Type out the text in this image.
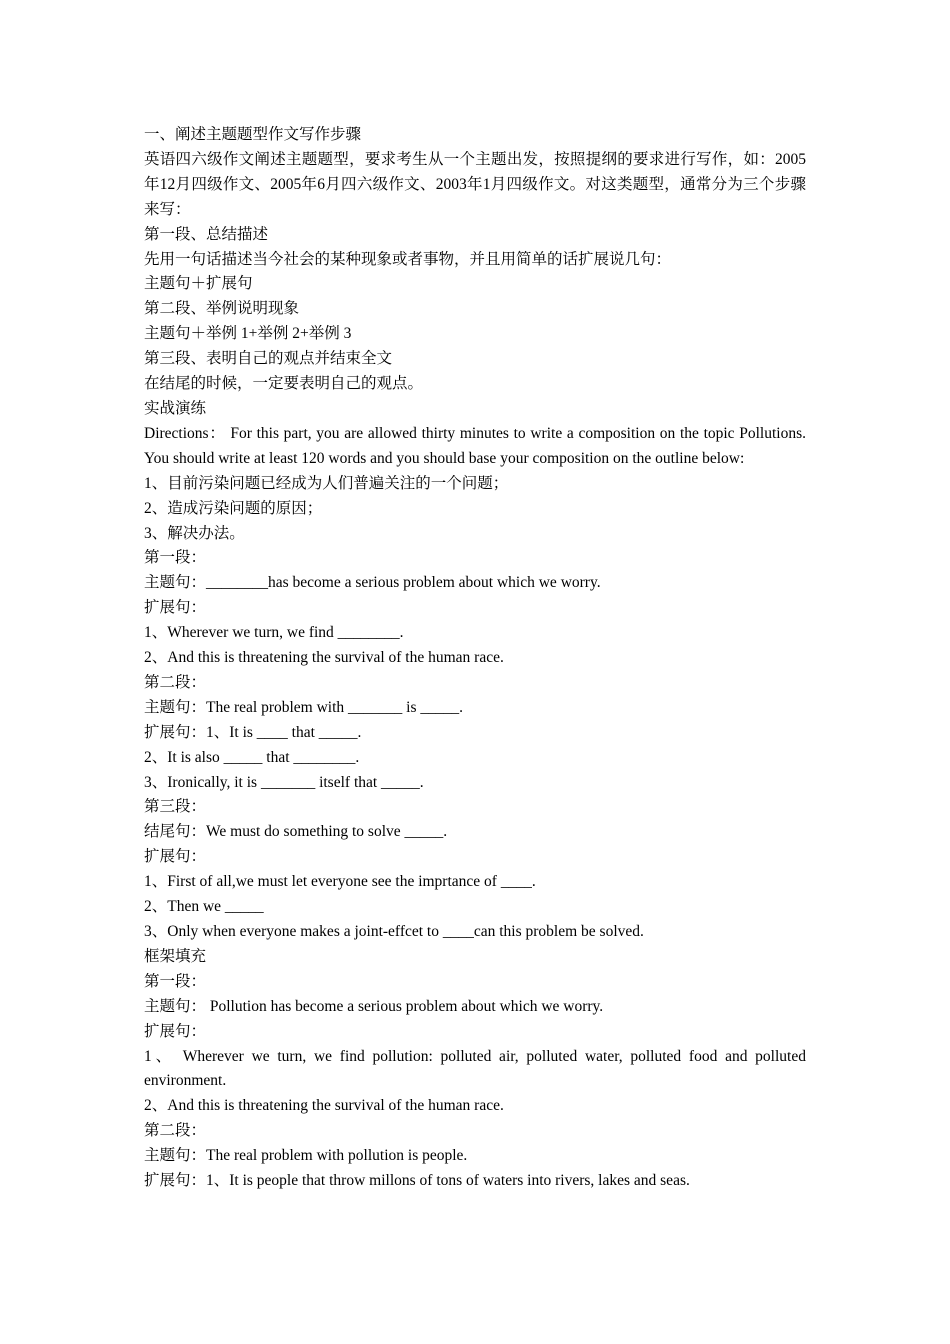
一、阐述主题题型作文写作步骤

英语四六级作文阐述主题题型，要求考生从一个主题出发，按照提纲的要求进行写作，如：2005年12月四级作文、2005年6月四六级作文、2003年1月四级作文。对这类题型，通常分为三个步骤来写：

第一段、总结描述

先用一句话描述当今社会的某种现象或者事物，并且用简单的话扩展说几句：

主题句＋扩展句

第二段、举例说明现象

主题句＋举例 1+举例 2+举例 3

第三段、表明自己的观点并结束全文

在结尾的时候，一定要表明自己的观点。

实战演练

Directions： For this part, you are allowed thirty minutes to write a composition on the topic Pollutions. You should write at least 120 words and you should base your composition on the outline below:

1、目前污染问题已经成为人们普遍关注的一个问题；

2、造成污染问题的原因；

3、解决办法。

第一段：

主题句：________has become a serious problem about which we worry.

扩展句：

1、Wherever we turn, we find ________.

2、And this is threatening the survival of the human race.

第二段：

主题句：The real problem with _______ is _____.

扩展句：1、It is ____ that _____.

2、It is also _____ that ________.

3、Ironically, it is _______ itself that _____.

第三段：

结尾句：We must do something to solve _____.

扩展句：

1、First of all,we must let everyone see the imprtance of ____.

2、Then we _____

3、Only when everyone makes a joint-effcet to ____can this problem be solved.

框架填充

第一段：

主题句： Pollution has become a serious problem about which we worry.

扩展句：

1、 Wherever we turn, we find pollution: polluted air, polluted water, polluted food and polluted environment.

2、And this is threatening the survival of the human race.

第二段：

主题句：The real problem with pollution is people.

扩展句：1、It is people that throw millons of tons of waters into rivers, lakes and seas.
